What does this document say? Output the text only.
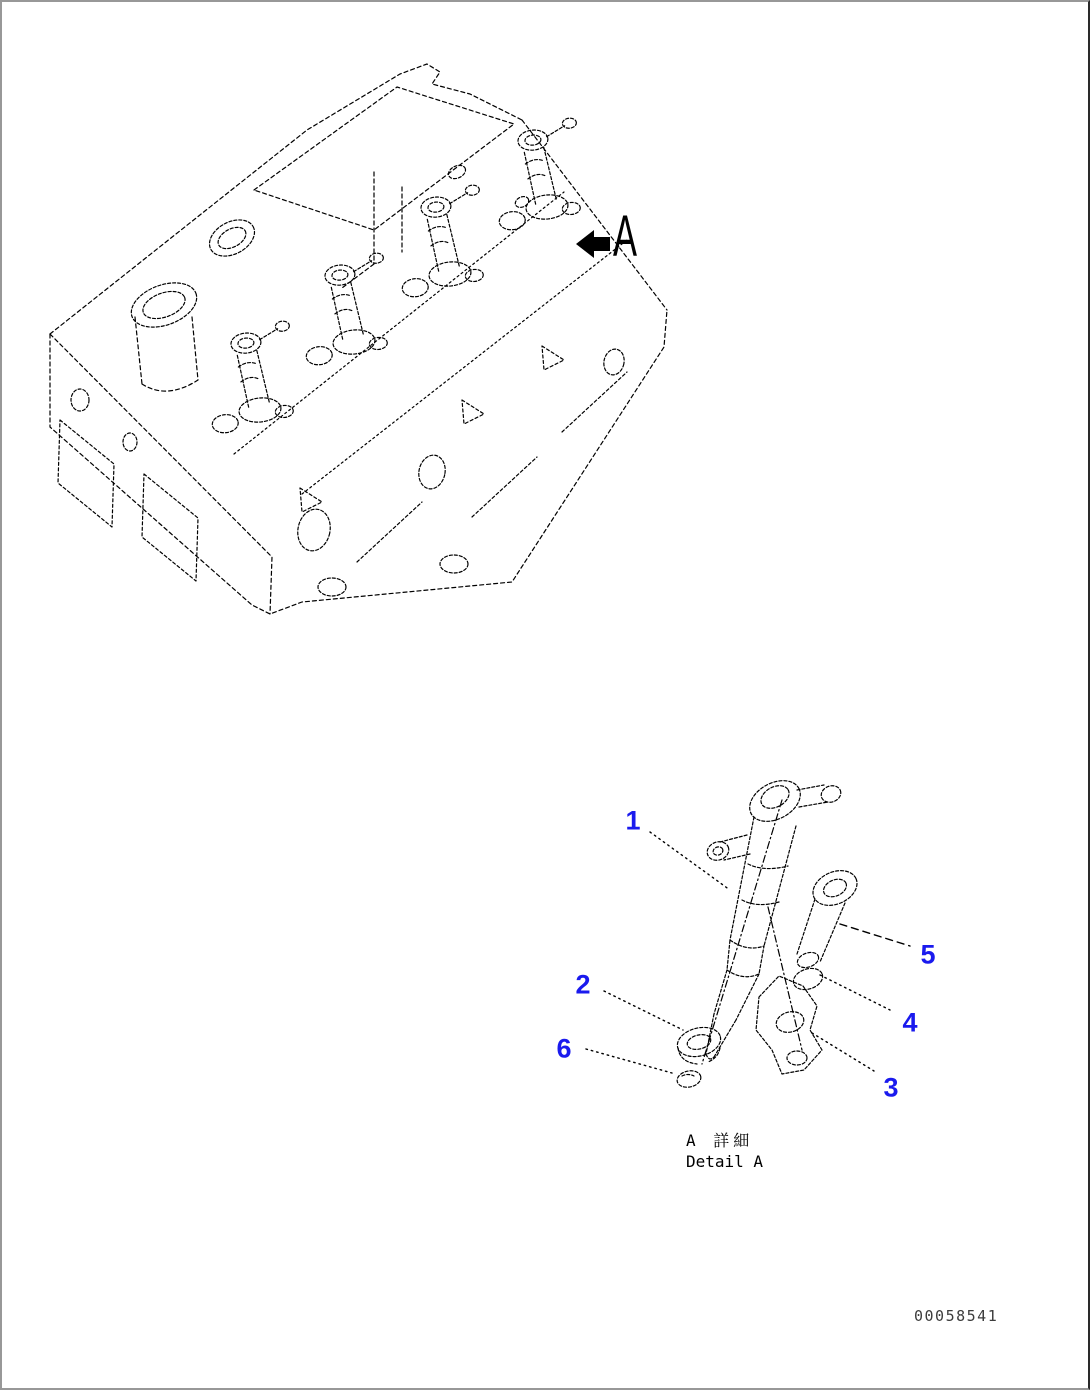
A
1
2
3
4
5
6
A 詳細
Detail A
00058541
